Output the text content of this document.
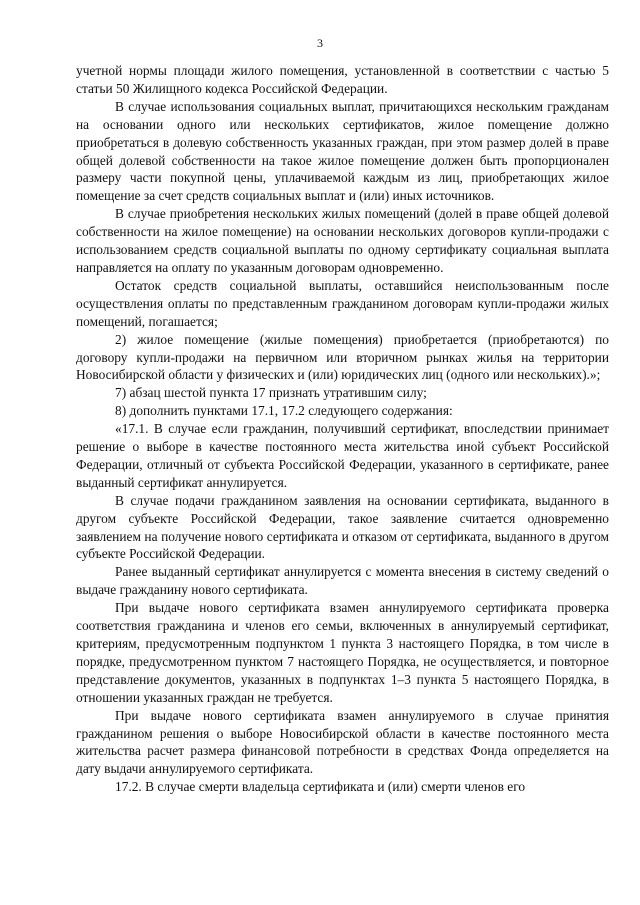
3

учетной нормы площади жилого помещения, установленной в соответствии с частью 5 статьи 50 Жилищного кодекса Российской Федерации.

В случае использования социальных выплат, причитающихся нескольким гражданам на основании одного или нескольких сертификатов, жилое помещение должно приобретаться в долевую собственность указанных граждан, при этом размер долей в праве общей долевой собственности на такое жилое помещение должен быть пропорционален размеру части покупной цены, уплачиваемой каждым из лиц, приобретающих жилое помещение за счет средств социальных выплат и (или) иных источников.

В случае приобретения нескольких жилых помещений (долей в праве общей долевой собственности на жилое помещение) на основании нескольких договоров купли-продажи с использованием средств социальной выплаты по одному сертификату социальная выплата направляется на оплату по указанным договорам одновременно.

Остаток средств социальной выплаты, оставшийся неиспользованным после осуществления оплаты по представленным гражданином договорам купли-продажи жилых помещений, погашается;

2) жилое помещение (жилые помещения) приобретается (приобретаются) по договору купли-продажи на первичном или вторичном рынках жилья на территории Новосибирской области у физических и (или) юридических лиц (одного или нескольких).»;

7) абзац шестой пункта 17 признать утратившим силу;

8) дополнить пунктами 17.1, 17.2 следующего содержания:

«17.1. В случае если гражданин, получивший сертификат, впоследствии принимает решение о выборе в качестве постоянного места жительства иной субъект Российской Федерации, отличный от субъекта Российской Федерации, указанного в сертификате, ранее выданный сертификат аннулируется.

В случае подачи гражданином заявления на основании сертификата, выданного в другом субъекте Российской Федерации, такое заявление считается одновременно заявлением на получение нового сертификата и отказом от сертификата, выданного в другом субъекте Российской Федерации.

Ранее выданный сертификат аннулируется с момента внесения в систему сведений о выдаче гражданину нового сертификата.

При выдаче нового сертификата взамен аннулируемого сертификата проверка соответствия гражданина и членов его семьи, включенных в аннулируемый сертификат, критериям, предусмотренным подпунктом 1 пункта 3 настоящего Порядка, в том числе в порядке, предусмотренном пунктом 7 настоящего Порядка, не осуществляется, и повторное представление документов, указанных в подпунктах 1–3 пункта 5 настоящего Порядка, в отношении указанных граждан не требуется.

При выдаче нового сертификата взамен аннулируемого в случае принятия гражданином решения о выборе Новосибирской области в качестве постоянного места жительства расчет размера финансовой потребности в средствах Фонда определяется на дату выдачи аннулируемого сертификата.

17.2. В случае смерти владельца сертификата и (или) смерти членов его
